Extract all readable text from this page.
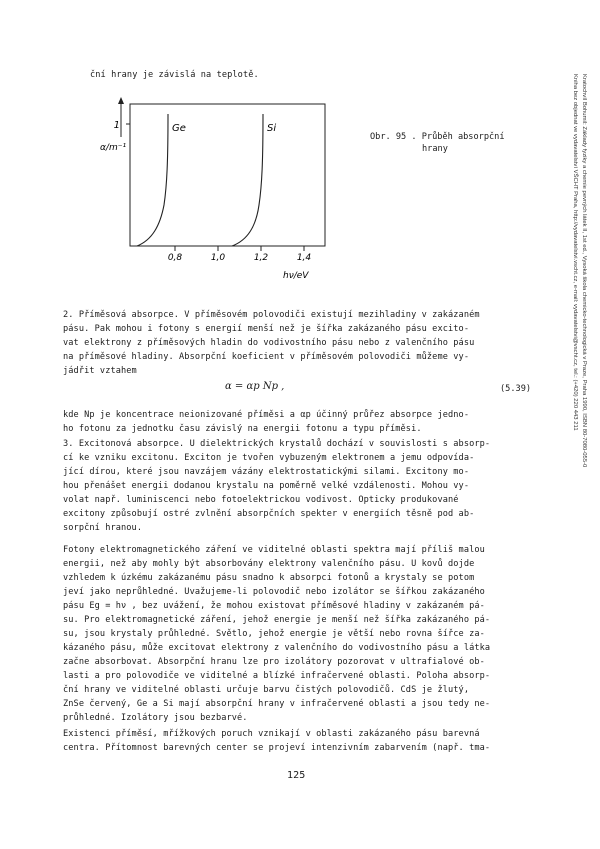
Kratochvíl Bohumil: Základy fyziky a chemie pevných látek II, 1st ed., Vysoká škola chemicko-technologická v Praze, Praha 1990, ISBN 80-7080-055-0
Kniha bez objednat ve vydavatelství VŠCHT Praha, http://vydavatelstvi.vscht.cz, e-mail: vydavatelstvi@vscht.cz, tel.: (+420) 220 443 211
ční hrany je závislá na teplotě.
1
α/m⁻¹
Ge	Si
0,8	1,0	1,2	1,4
hν/eV
Obr. 95 . Průběh absorpční
hrany
2. Příměsová absorpce. V příměsovém polovodiči existují mezihladiny v zakázaném
pásu. Pak mohou i fotony s energií menší než je šířka zakázaného pásu excito-
vat elektrony z příměsových hladin do vodivostního pásu nebo z valenčního pásu
na příměsové hladiny. Absorpční koeficient v příměsovém polovodiči můžeme vy-
jádřit vztahem
α = αp Np ,	(5.39)
kde Np je koncentrace neionizované příměsi a αp účinný průřez absorpce jedno-
ho fotonu za jednotku času závislý na energii fotonu a typu příměsi.
3. Excitonová absorpce. U dielektrických krystalů dochází v souvislosti s absorp-
cí ke vzniku excitonu. Exciton je tvořen vybuzeným elektronem a jemu odpovída-
jící dírou, které jsou navzájem vázány elektrostatickými silami. Excitony mo-
hou přenášet energii dodanou krystalu na poměrně velké vzdálenosti. Mohou vy-
volat např. luminiscenci nebo fotoelektrickou vodivost. Opticky produkované
excitony způsobují ostré zvlnění absorpčních spekter v energiích těsně pod ab-
sorpční hranou.
Fotony elektromagnetického záření ve viditelné oblasti spektra mají příliš malou
energii, než aby mohly být absorbovány elektrony valenčního pásu. U kovů dojde
vzhledem k úzkému zakázanému pásu snadno k absorpci fotonů a krystaly se potom
jeví jako neprůhledné. Uvažujeme-li polovodič nebo izolátor se šířkou zakázaného
pásu Eg = hν , bez uvážení, že mohou existovat příměsové hladiny v zakázaném pá-
su. Pro elektromagnetické záření, jehož energie je menší než šířka zakázaného pá-
su, jsou krystaly průhledné. Světlo, jehož energie je větší nebo rovna šířce za-
kázaného pásu, může excitovat elektrony z valenčního do vodivostního pásu a látka
začne absorbovat. Absorpční hranu lze pro izolátory pozorovat v ultrafialové ob-
lasti a pro polovodiče ve viditelné a blízké infračervené oblasti. Poloha absorp-
ční hrany ve viditelné oblasti určuje barvu čistých polovodičů. CdS je žlutý,
ZnSe červený, Ge a Si mají absorpční hrany v infračervené oblasti a jsou tedy ne-
průhledné. Izolátory jsou bezbarvé.
Existenci příměsí, mřížkových poruch vznikají v oblasti zakázaného pásu barevná
centra. Přítomnost barevných center se projeví intenzivním zabarvením (např. tma-
125
